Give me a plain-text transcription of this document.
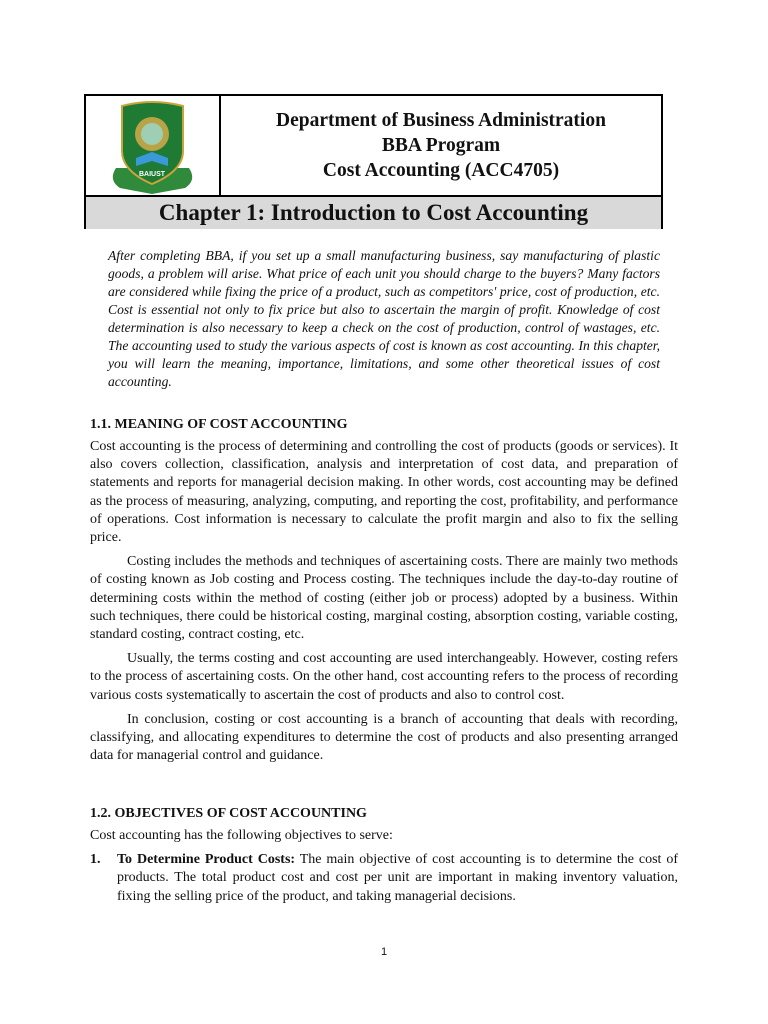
BAIUST
Department of Business Administration
BBA Program
Cost Accounting (ACC4705)
Chapter 1: Introduction to Cost Accounting
After completing BBA, if you set up a small manufacturing business, say manufacturing of plastic goods, a problem will arise. What price of each unit you should charge to the buyers? Many factors are considered while fixing the price of a product, such as competitors' price, cost of production, etc. Cost is essential not only to fix price but also to ascertain the margin of profit. Knowledge of cost determination is also necessary to keep a check on the cost of production, control of wastages, etc. The accounting used to study the various aspects of cost is known as cost accounting. In this chapter, you will learn the meaning, importance, limitations, and some other theoretical issues of cost accounting.
1.1. MEANING OF COST ACCOUNTING

Cost accounting is the process of determining and controlling the cost of products (goods or services). It also covers collection, classification, analysis and interpretation of cost data, and preparation of statements and reports for managerial decision making. In other words, cost accounting may be defined as the process of measuring, analyzing, computing, and reporting the cost, profitability, and performance of operations. Cost information is necessary to calculate the profit margin and also to fix the selling price.

Costing includes the methods and techniques of ascertaining costs. There are mainly two methods of costing known as Job costing and Process costing. The techniques include the day-to-day routine of determining costs within the method of costing (either job or process) adopted by a business. Within such techniques, there could be historical costing, marginal costing, absorption costing, variable costing, standard costing, contract costing, etc.

Usually, the terms costing and cost accounting are used interchangeably. However, costing refers to the process of ascertaining costs. On the other hand, cost accounting refers to the process of recording various costs systematically to ascertain the cost of products and also to control cost.

In conclusion, costing or cost accounting is a branch of accounting that deals with recording, classifying, and allocating expenditures to determine the cost of products and also presenting arranged data for managerial control and guidance.

1.2. OBJECTIVES OF COST ACCOUNTING

Cost accounting has the following objectives to serve:

1.	To Determine Product Costs: The main objective of cost accounting is to determine the cost of products. The total product cost and cost per unit are important in making inventory valuation, fixing the selling price of the product, and taking managerial decisions.
1
